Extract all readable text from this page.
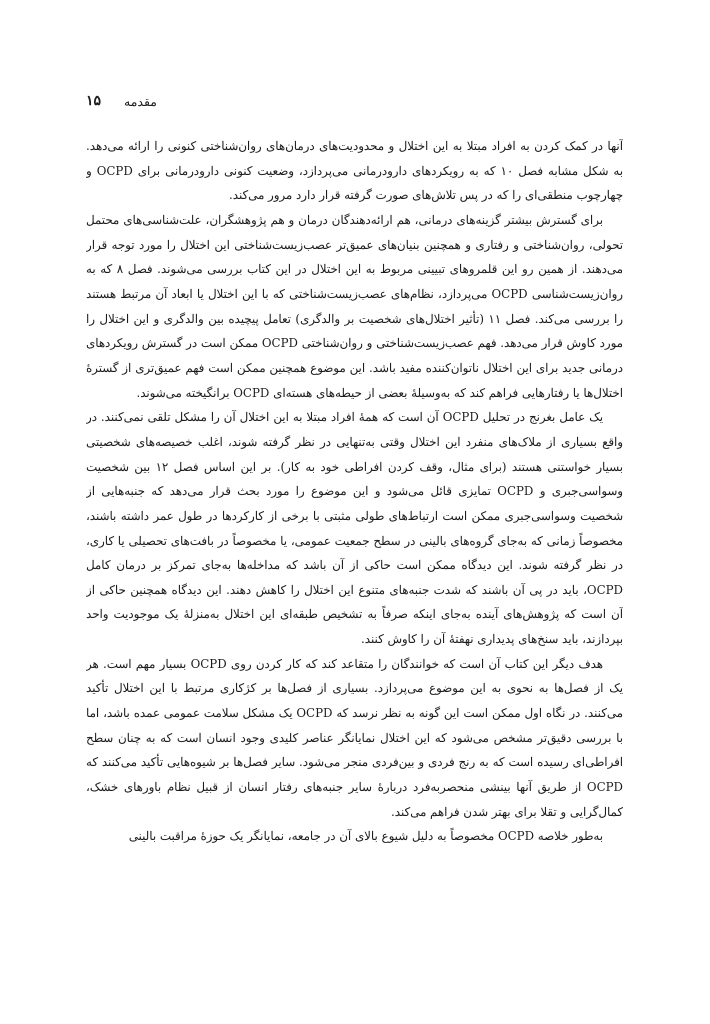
۱۵ مقدمه

آنها در کمک کردن به افراد مبتلا به این اختلال و محدودیت‌های درمان‌های روان‌شناختی کنونی را ارائه می‌دهد. به شکل مشابه فصل ۱۰ که به رویکردهای دارودرمانی می‌پردازد، وضعیت کنونی دارودرمانی برای OCPD و چهارچوب منطقی‌ای را که در پس تلاش‌های صورت گرفته قرار دارد مرور می‌کند.

برای گسترش بیشتر گزینه‌های درمانی، هم ارائه‌دهندگان درمان و هم پژوهشگران، علت‌شناسی‌های محتمل تحولی، روان‌شناختی و رفتاری و همچنین بنیان‌های عمیق‌تر عصب‌زیست‌شناختی این اختلال را مورد توجه قرار می‌دهند. از همین رو این قلمروهای تبیینی مربوط به این اختلال در این کتاب بررسی می‌شوند. فصل ۸ که به روان‌زیست‌شناسی OCPD می‌پردازد، نظام‌های عصب‌زیست‌شناختی که با این اختلال یا ابعاد آن مرتبط هستند را بررسی می‌کند. فصل ۱۱ (تأثیر اختلال‌های شخصیت بر والدگری) تعامل پیچیده بین والدگری و این اختلال را مورد کاوش قرار می‌دهد. فهم عصب‌زیست‌شناختی و روان‌شناختی OCPD ممکن است در گسترش رویکردهای درمانی جدید برای این اختلال ناتوان‌کننده مفید باشد. این موضوع همچنین ممکن است فهم عمیق‌تری از گسترهٔ اختلال‌ها یا رفتارهایی فراهم کند که به‌وسیلهٔ بعضی از حیطه‌های هسته‌ای OCPD برانگیخته می‌شوند.

یک عامل بغرنج در تحلیل OCPD آن است که همهٔ افراد مبتلا به این اختلال آن را مشکل تلقی نمی‌کنند. در واقع بسیاری از ملاک‌های منفرد این اختلال وقتی به‌تنهایی در نظر گرفته شوند، اغلب خصیصه‌های شخصیتی بسیار خواستنی هستند (برای مثال، وقف کردن افراطی خود به کار). بر این اساس فصل ۱۲ بین شخصیت وسواسی‌جبری و OCPD تمایزی قائل می‌شود و این موضوع را مورد بحث قرار می‌دهد که جنبه‌هایی از شخصیت وسواسی‌جبری ممکن است ارتباط‌های طولی مثبتی با برخی از کارکردها در طول عمر داشته باشند، مخصوصاً زمانی که به‌جای گروه‌های بالینی در سطح جمعیت عمومی، یا مخصوصاً در بافت‌های تحصیلی یا کاری، در نظر گرفته شوند. این دیدگاه ممکن است حاکی از آن باشد که مداخله‌ها به‌جای تمرکز بر درمان کامل OCPD، باید در پی آن باشند که شدت جنبه‌های متنوع این اختلال را کاهش دهند. این دیدگاه همچنین حاکی از آن است که پژوهش‌های آینده به‌جای اینکه صرفاً به تشخیص طبقه‌ای این اختلال به‌منزلهٔ یک موجودیت واحد بپردازند، باید سنخ‌های پدیداری نهفتهٔ آن را کاوش کنند.

هدف دیگر این کتاب آن است که خوانندگان را متقاعد کند که کار کردن روی OCPD بسیار مهم است. هر یک از فصل‌ها به نحوی به این موضوع می‌پردازد. بسیاری از فصل‌ها بر کژکاری مرتبط با این اختلال تأکید می‌کنند. در نگاه اول ممکن است این گونه به نظر نرسد که OCPD یک مشکل سلامت عمومی عمده باشد، اما با بررسی دقیق‌تر مشخص می‌شود که این اختلال نمایانگر عناصر کلیدی وجود انسان است که به چنان سطح افراطی‌ای رسیده است که به رنج فردی و بین‌فردی منجر می‌شود. سایر فصل‌ها بر شیوه‌هایی تأکید می‌کنند که OCPD از طریق آنها بینشی منحصربه‌فرد دربارهٔ سایر جنبه‌های رفتار انسان از قبیل نظام باورهای خشک، کمال‌گرایی و تقلا برای بهتر شدن فراهم می‌کند.

به‌طور خلاصه OCPD مخصوصاً به دلیل شیوع بالای آن در جامعه، نمایانگر یک حوزهٔ مراقبت بالینی
